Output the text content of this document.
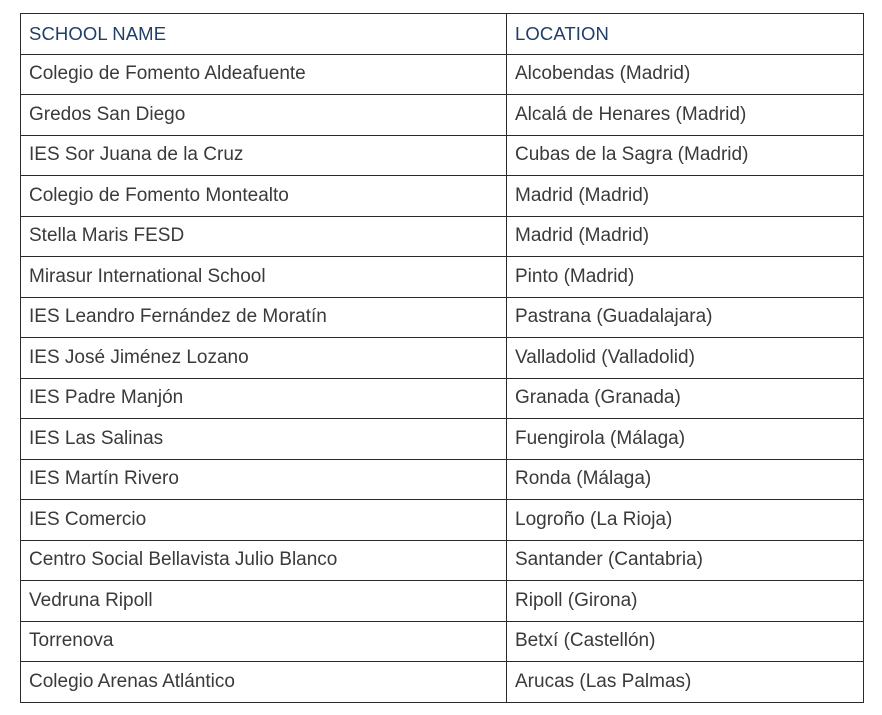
SCHOOL NAME	LOCATION
Colegio de Fomento Aldeafuente	Alcobendas (Madrid)
Gredos San Diego	Alcalá de Henares (Madrid)
IES Sor Juana de la Cruz	Cubas de la Sagra (Madrid)
Colegio de Fomento Montealto	Madrid (Madrid)
Stella Maris FESD	Madrid (Madrid)
Mirasur International School	Pinto (Madrid)
IES Leandro Fernández de Moratín	Pastrana (Guadalajara)
IES José Jiménez Lozano	Valladolid (Valladolid)
IES Padre Manjón	Granada (Granada)
IES Las Salinas	Fuengirola (Málaga)
IES Martín Rivero	Ronda (Málaga)
IES Comercio	Logroño (La Rioja)
Centro Social Bellavista Julio Blanco	Santander (Cantabria)
Vedruna Ripoll	Ripoll (Girona)
Torrenova	Betxí (Castellón)
Colegio Arenas Atlántico	Arucas (Las Palmas)
